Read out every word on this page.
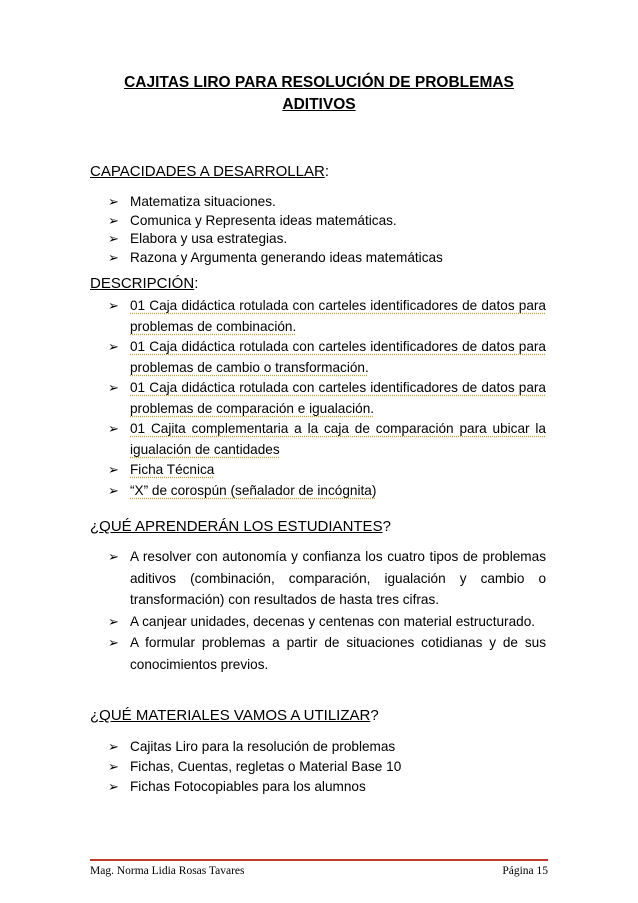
CAJITAS LIRO PARA RESOLUCIÓN DE PROBLEMAS
ADITIVOS
CAPACIDADES A DESARROLLAR:
➢ Matematiza situaciones.
➢ Comunica y Representa ideas matemáticas.
➢ Elabora y usa estrategias.
➢ Razona y Argumenta generando ideas matemáticas
DESCRIPCIÓN:
➢ 01 Caja didáctica rotulada con carteles identificadores de datos para problemas de combinación.
➢ 01 Caja didáctica rotulada con carteles identificadores de datos para problemas de cambio o transformación.
➢ 01 Caja didáctica rotulada con carteles identificadores de datos para problemas de comparación e igualación.
➢ 01 Cajita complementaria a la caja de comparación para ubicar la igualación de cantidades
➢ Ficha Técnica
➢ “X” de corospún (señalador de incógnita)
¿QUÉ APRENDERÁN LOS ESTUDIANTES?
➢ A resolver con autonomía y confianza los cuatro tipos de problemas aditivos (combinación, comparación, igualación y cambio o transformación) con resultados de hasta tres cifras.
➢ A canjear unidades, decenas y centenas con material estructurado.
➢ A formular problemas a partir de situaciones cotidianas y de sus conocimientos previos.
¿QUÉ MATERIALES VAMOS A UTILIZAR?
➢ Cajitas Liro para la resolución de problemas
➢ Fichas, Cuentas, regletas o Material Base 10
➢ Fichas Fotocopiables para los alumnos
Mag. Norma Lidia Rosas Tavares	Página 15
